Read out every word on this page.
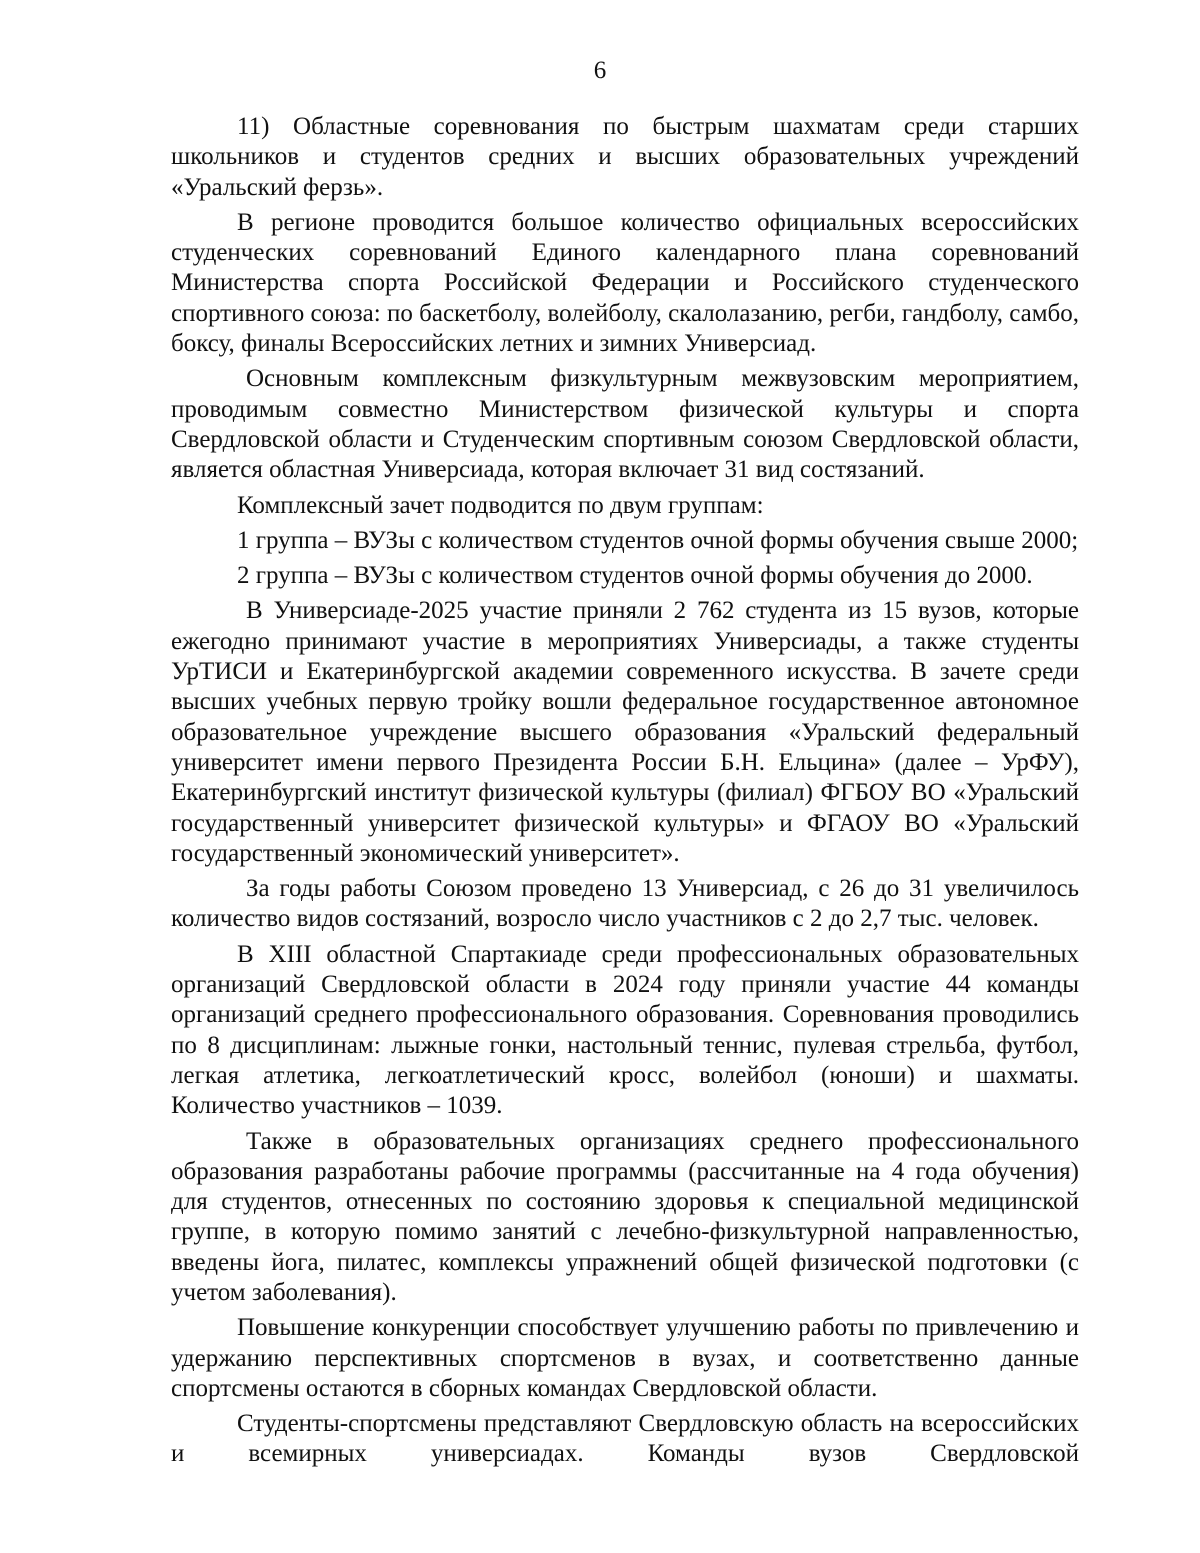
6

11) Областные соревнования по быстрым шахматам среди старших школьников и студентов средних и высших образовательных учреждений «Уральский ферзь».

В регионе проводится большое количество официальных всероссийских студенческих соревнований Единого календарного плана соревнований Министерства спорта Российской Федерации и Российского студенческого спортивного союза: по баскетболу, волейболу, скалолазанию, регби, гандболу, самбо, боксу, финалы Всероссийских летних и зимних Универсиад.

Основным комплексным физкультурным межвузовским мероприятием, проводимым совместно Министерством физической культуры и спорта Свердловской области и Студенческим спортивным союзом Свердловской области, является областная Универсиада, которая включает 31 вид состязаний.

Комплексный зачет подводится по двум группам:

1 группа – ВУЗы с количеством студентов очной формы обучения свыше 2000;

2 группа – ВУЗы с количеством студентов очной формы обучения до 2000.

В Универсиаде-2025 участие приняли 2 762 студента из 15 вузов, которые ежегодно принимают участие в мероприятиях Универсиады, а также студенты УрТИСИ и Екатеринбургской академии современного искусства. В зачете среди высших учебных первую тройку вошли федеральное государственное автономное образовательное учреждение высшего образования «Уральский федеральный университет имени первого Президента России Б.Н. Ельцина» (далее – УрФУ), Екатеринбургский институт физической культуры (филиал) ФГБОУ ВО «Уральский государственный университет физической культуры» и ФГАОУ ВО «Уральский государственный экономический университет».

За годы работы Союзом проведено 13 Универсиад, с 26 до 31 увеличилось количество видов состязаний, возросло число участников с 2 до 2,7 тыс. человек.

В XIII областной Спартакиаде среди профессиональных образовательных организаций Свердловской области в 2024 году приняли участие 44 команды организаций среднего профессионального образования. Соревнования проводились по 8 дисциплинам: лыжные гонки, настольный теннис, пулевая стрельба, футбол, легкая атлетика, легкоатлетический кросс, волейбол (юноши) и шахматы. Количество участников – 1039.

Также в образовательных организациях среднего профессионального образования разработаны рабочие программы (рассчитанные на 4 года обучения) для студентов, отнесенных по состоянию здоровья к специальной медицинской группе, в которую помимо занятий с лечебно-физкультурной направленностью, введены йога, пилатес, комплексы упражнений общей физической подготовки (с учетом заболевания).

Повышение конкуренции способствует улучшению работы по привлечению и удержанию перспективных спортсменов в вузах, и соответственно данные спортсмены остаются в сборных командах Свердловской области.

Студенты-спортсмены представляют Свердловскую область на всероссийских и всемирных универсиадах. Команды вузов Свердловской
